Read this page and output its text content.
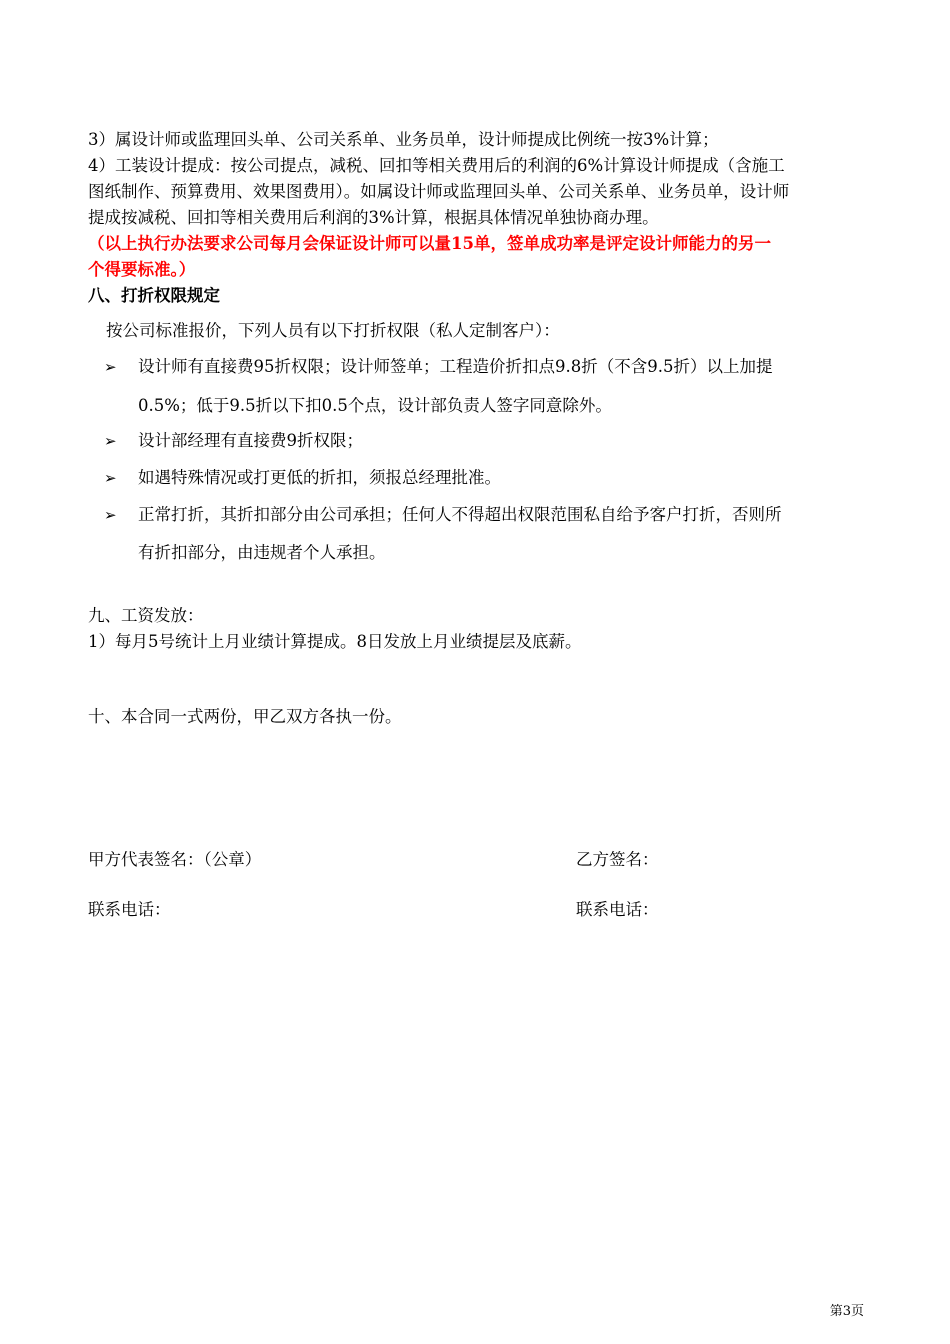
3）属设计师或监理回头单、公司关系单、业务员单，设计师提成比例统一按3%计算；
4）工装设计提成：按公司提点，减税、回扣等相关费用后的利润的6%计算设计师提成（含施工
图纸制作、预算费用、效果图费用）。如属设计师或监理回头单、公司关系单、业务员单，设计师
提成按减税、回扣等相关费用后利润的3%计算，根据具体情况单独协商办理。
（以上执行办法要求公司每月会保证设计师可以量15单，签单成功率是评定设计师能力的另一
个得要标准。）
八、打折权限规定
按公司标准报价，下列人员有以下打折权限（私人定制客户）：
➢ 设计师有直接费95折权限；设计师签单；工程造价折扣点9.8折（不含9.5折）以上加提
0.5%；低于9.5折以下扣0.5个点，设计部负责人签字同意除外。
➢ 设计部经理有直接费9折权限；
➢ 如遇特殊情况或打更低的折扣，须报总经理批准。
➢ 正常打折，其折扣部分由公司承担；任何人不得超出权限范围私自给予客户打折，否则所
有折扣部分，由违规者个人承担。
九、工资发放：
1）每月5号统计上月业绩计算提成。8日发放上月业绩提层及底薪。
十、本合同一式两份，甲乙双方各执一份。
甲方代表签名：（公章）	乙方签名：
联系电话：	联系电话：
第3页
